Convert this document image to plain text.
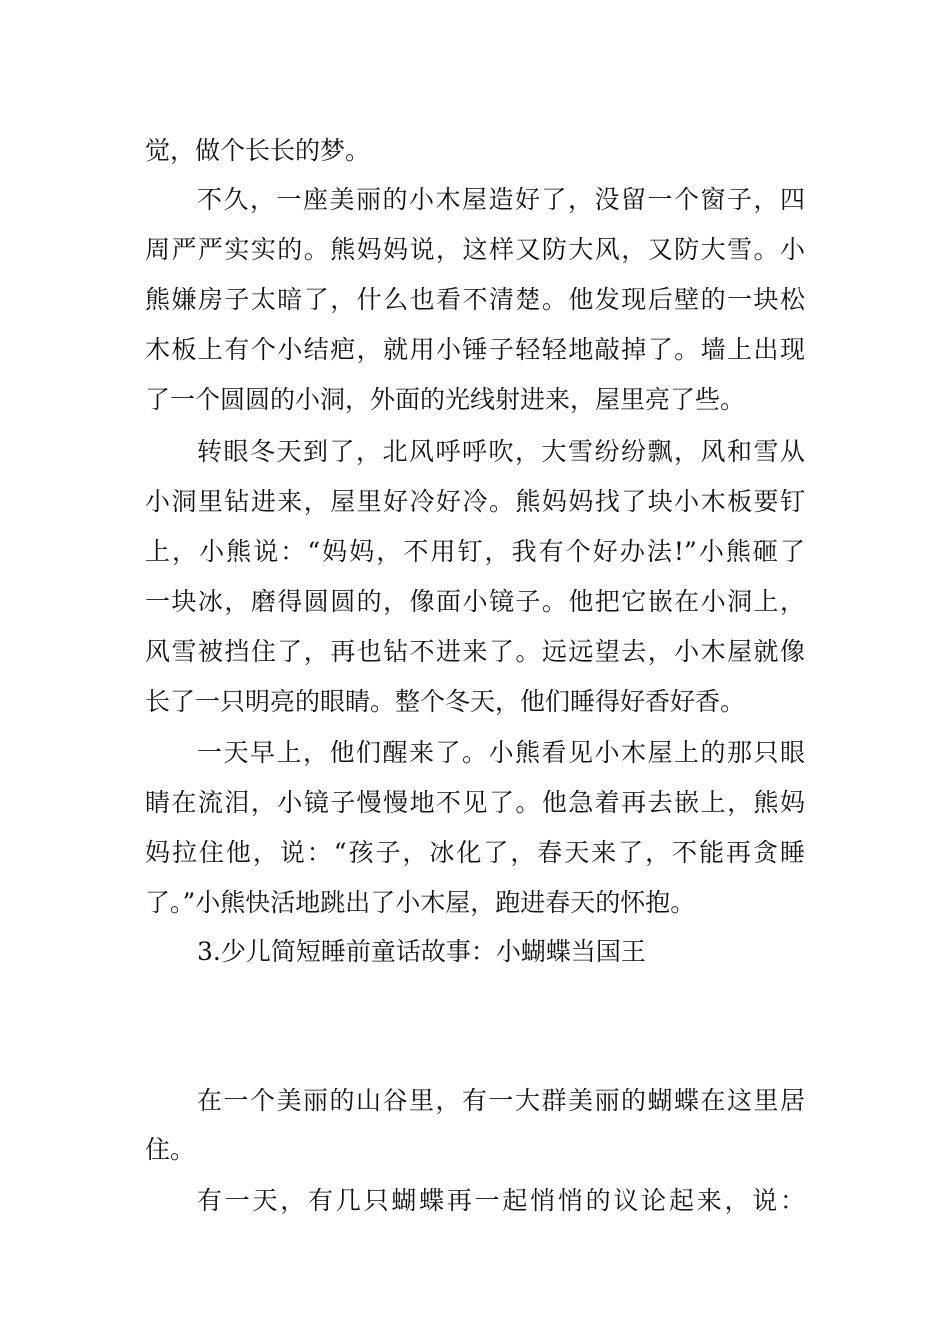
觉，做个长长的梦。

不久，一座美丽的小木屋造好了，没留一个窗子，四

周严严实实的。熊妈妈说，这样又防大风，又防大雪。小

熊嫌房子太暗了，什么也看不清楚。他发现后壁的一块松

木板上有个小结疤，就用小锤子轻轻地敲掉了。墙上出现

了一个圆圆的小洞，外面的光线射进来，屋里亮了些。

转眼冬天到了，北风呼呼吹，大雪纷纷飘，风和雪从

小洞里钻进来，屋里好冷好冷。熊妈妈找了块小木板要钉

上，小熊说：“妈妈，不用钉，我有个好办法!”小熊砸了

一块冰，磨得圆圆的，像面小镜子。他把它嵌在小洞上，

风雪被挡住了，再也钻不进来了。远远望去，小木屋就像

长了一只明亮的眼睛。整个冬天，他们睡得好香好香。

一天早上，他们醒来了。小熊看见小木屋上的那只眼

睛在流泪，小镜子慢慢地不见了。他急着再去嵌上，熊妈

妈拉住他，说：“孩子，冰化了，春天来了，不能再贪睡

了。”小熊快活地跳出了小木屋，跑进春天的怀抱。

3.少儿简短睡前童话故事：小蝴蝶当国王

在一个美丽的山谷里，有一大群美丽的蝴蝶在这里居

住。

有一天，有几只蝴蝶再一起悄悄的议论起来，说：
